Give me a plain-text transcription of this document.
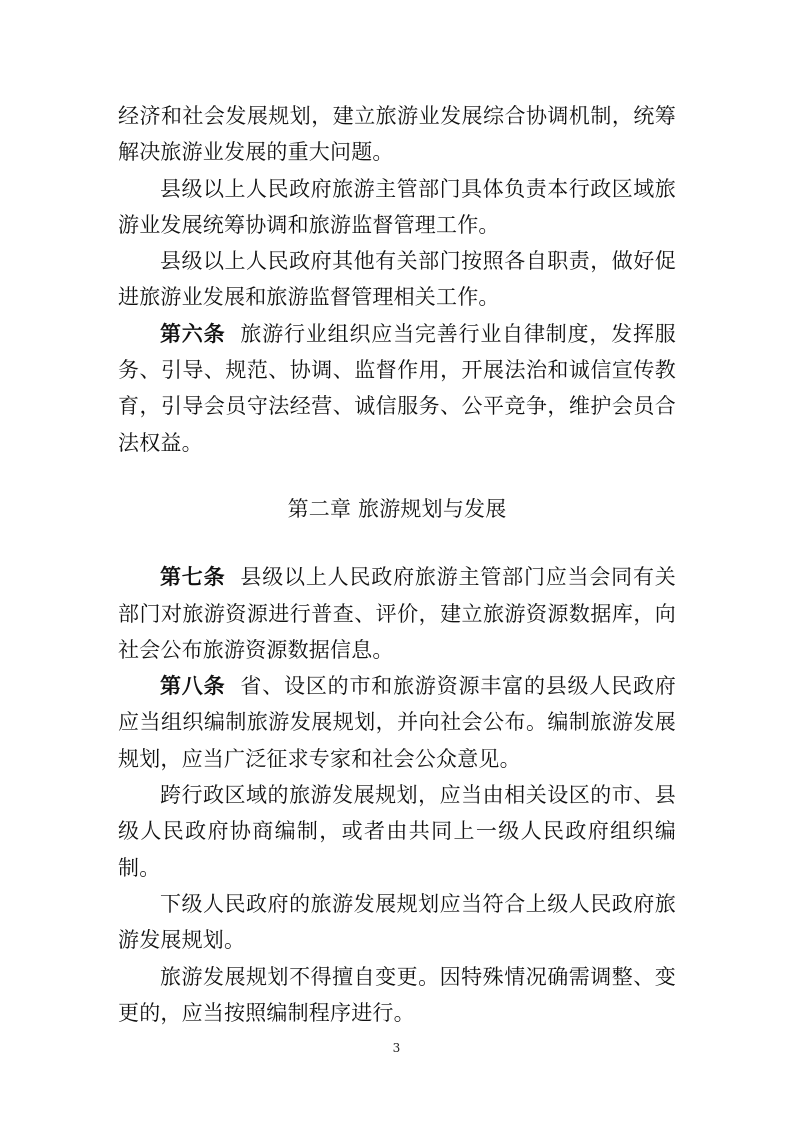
经济和社会发展规划，建立旅游业发展综合协调机制，统筹解决旅游业发展的重大问题。

县级以上人民政府旅游主管部门具体负责本行政区域旅游业发展统筹协调和旅游监督管理工作。

县级以上人民政府其他有关部门按照各自职责，做好促进旅游业发展和旅游监督管理相关工作。

第六条 旅游行业组织应当完善行业自律制度，发挥服务、引导、规范、协调、监督作用，开展法治和诚信宣传教育，引导会员守法经营、诚信服务、公平竞争，维护会员合法权益。

第二章 旅游规划与发展

第七条 县级以上人民政府旅游主管部门应当会同有关部门对旅游资源进行普查、评价，建立旅游资源数据库，向社会公布旅游资源数据信息。

第八条 省、设区的市和旅游资源丰富的县级人民政府应当组织编制旅游发展规划，并向社会公布。编制旅游发展规划，应当广泛征求专家和社会公众意见。

跨行政区域的旅游发展规划，应当由相关设区的市、县级人民政府协商编制，或者由共同上一级人民政府组织编制。

下级人民政府的旅游发展规划应当符合上级人民政府旅游发展规划。

旅游发展规划不得擅自变更。因特殊情况确需调整、变更的，应当按照编制程序进行。

3
